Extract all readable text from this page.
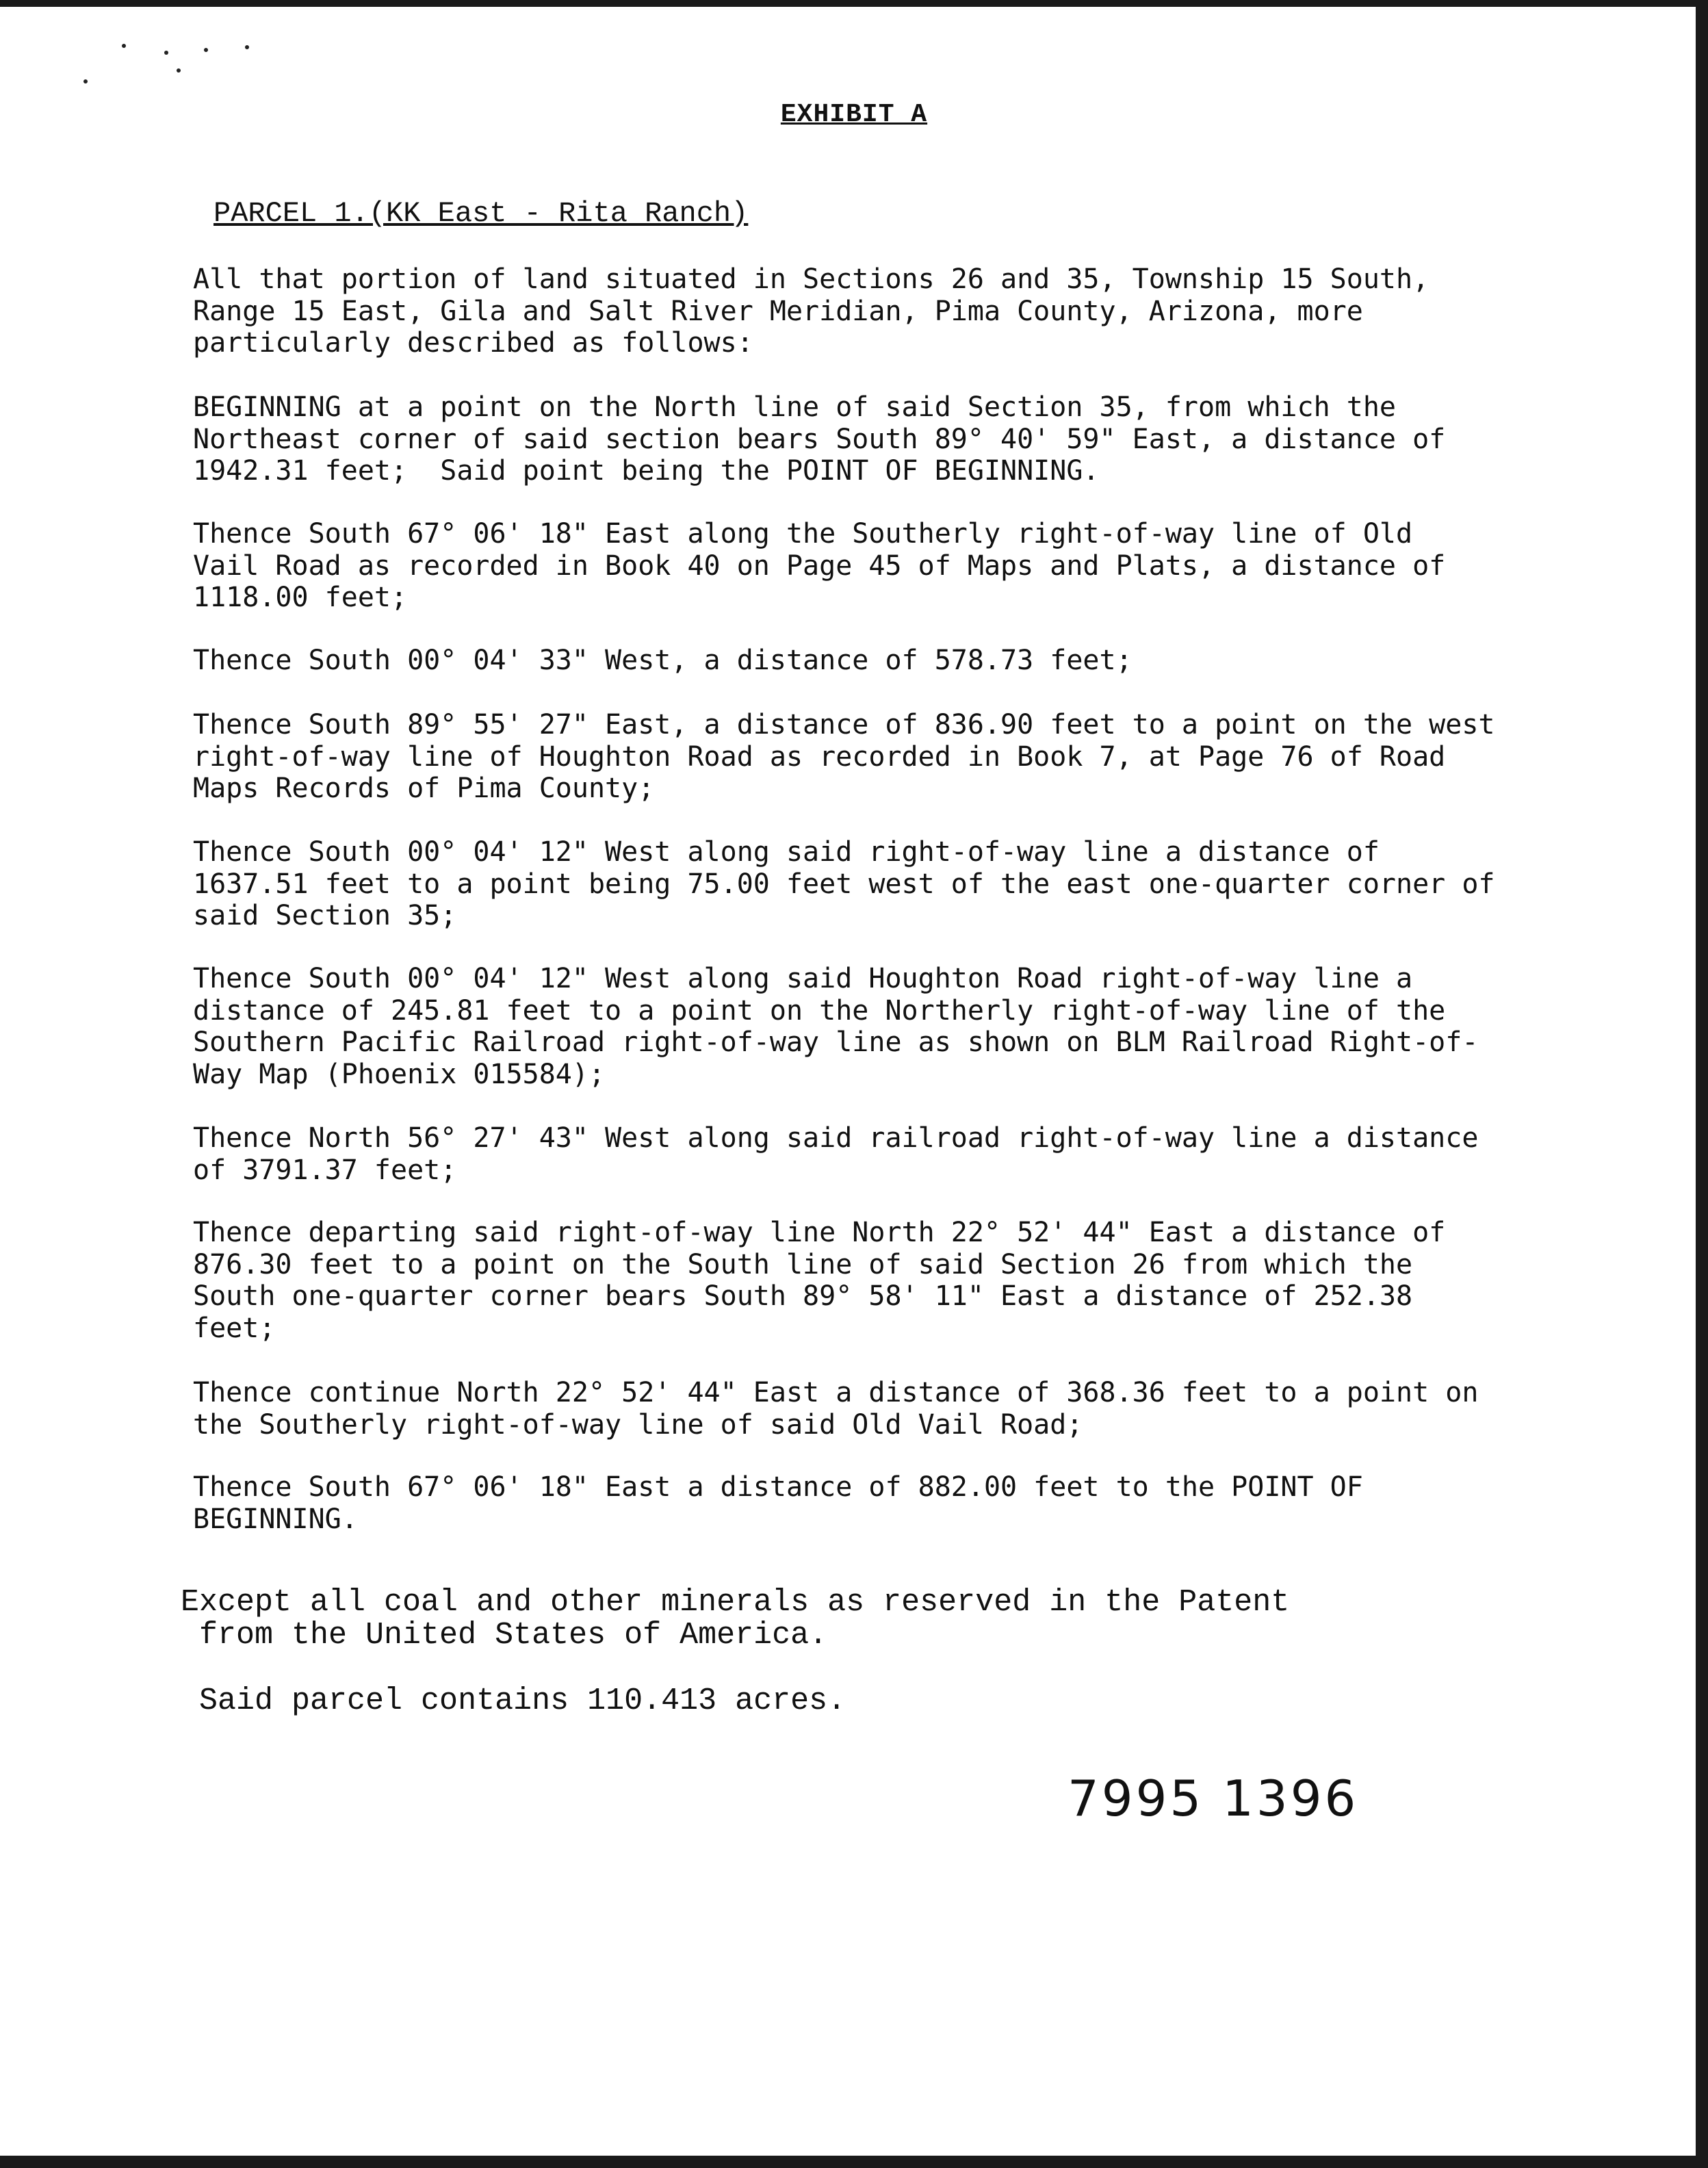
EXHIBIT A
PARCEL 1.(KK East - Rita Ranch)
All that portion of land situated in Sections 26 and 35, Township 15 South,
Range 15 East, Gila and Salt River Meridian, Pima County, Arizona, more
particularly described as follows:
BEGINNING at a point on the North line of said Section 35, from which the
Northeast corner of said section bears South 89° 40' 59" East, a distance of
1942.31 feet;  Said point being the POINT OF BEGINNING.
Thence South 67° 06' 18" East along the Southerly right-of-way line of Old
Vail Road as recorded in Book 40 on Page 45 of Maps and Plats, a distance of
1118.00 feet;
Thence South 00° 04' 33" West, a distance of 578.73 feet;
Thence South 89° 55' 27" East, a distance of 836.90 feet to a point on the west
right-of-way line of Houghton Road as recorded in Book 7, at Page 76 of Road
Maps Records of Pima County;
Thence South 00° 04' 12" West along said right-of-way line a distance of
1637.51 feet to a point being 75.00 feet west of the east one-quarter corner of
said Section 35;
Thence South 00° 04' 12" West along said Houghton Road right-of-way line a
distance of 245.81 feet to a point on the Northerly right-of-way line of the
Southern Pacific Railroad right-of-way line as shown on BLM Railroad Right-of-
Way Map (Phoenix 015584);
Thence North 56° 27' 43" West along said railroad right-of-way line a distance
of 3791.37 feet;
Thence departing said right-of-way line North 22° 52' 44" East a distance of
876.30 feet to a point on the South line of said Section 26 from which the
South one-quarter corner bears South 89° 58' 11" East a distance of 252.38
feet;
Thence continue North 22° 52' 44" East a distance of 368.36 feet to a point on
the Southerly right-of-way line of said Old Vail Road;
Thence South 67° 06' 18" East a distance of 882.00 feet to the POINT OF
BEGINNING.
Except all coal and other minerals as reserved in the Patent
from the United States of America.
Said parcel contains 110.413 acres.
7995 1396
